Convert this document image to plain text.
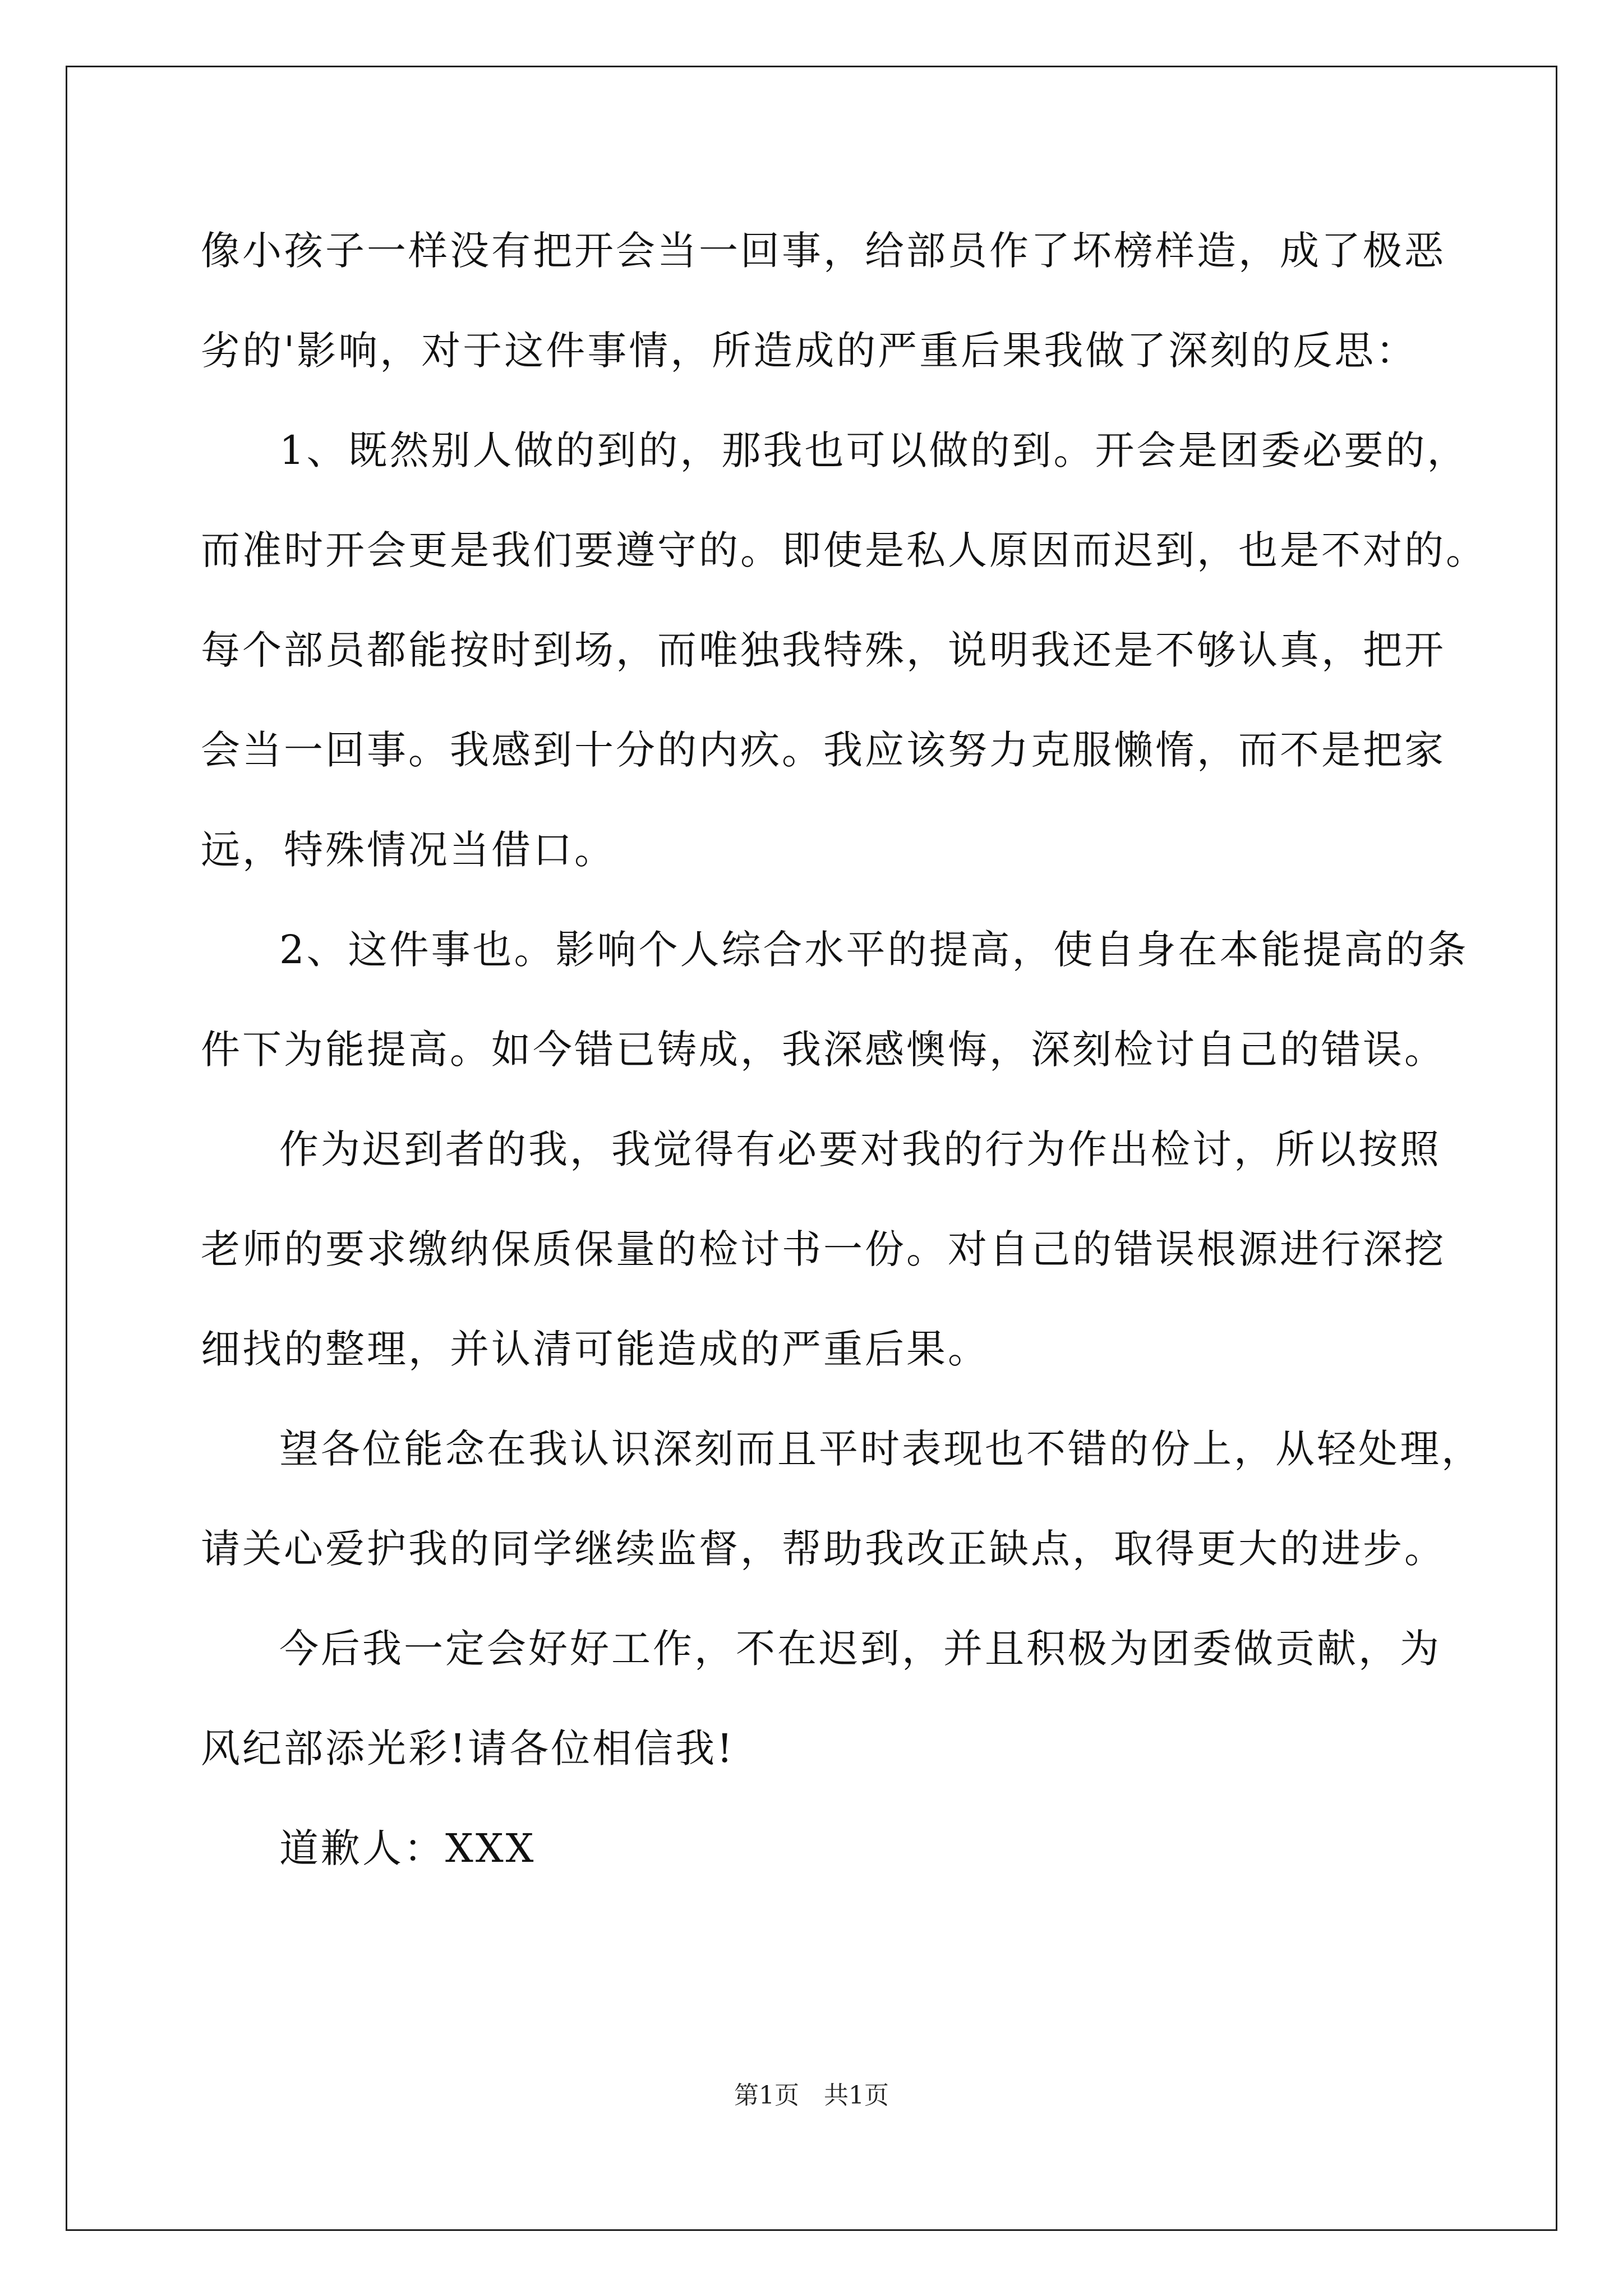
像小孩子一样没有把开会当一回事，给部员作了坏榜样造，成了极恶
劣的'影响，对于这件事情，所造成的严重后果我做了深刻的反思：
1、既然别人做的到的，那我也可以做的到。开会是团委必要的，
而准时开会更是我们要遵守的。即使是私人原因而迟到，也是不对的。
每个部员都能按时到场，而唯独我特殊，说明我还是不够认真，把开
会当一回事。我感到十分的内疚。我应该努力克服懒惰，而不是把家
远，特殊情况当借口。
2、这件事也。影响个人综合水平的提高，使自身在本能提高的条
件下为能提高。如今错已铸成，我深感懊悔，深刻检讨自己的错误。
作为迟到者的我，我觉得有必要对我的行为作出检讨，所以按照
老师的要求缴纳保质保量的检讨书一份。对自己的错误根源进行深挖
细找的整理，并认清可能造成的严重后果。
望各位能念在我认识深刻而且平时表现也不错的份上，从轻处理，
请关心爱护我的同学继续监督，帮助我改正缺点，取得更大的进步。
今后我一定会好好工作，不在迟到，并且积极为团委做贡献，为
风纪部添光彩!请各位相信我!
道歉人：XXX
第1页　共1页
